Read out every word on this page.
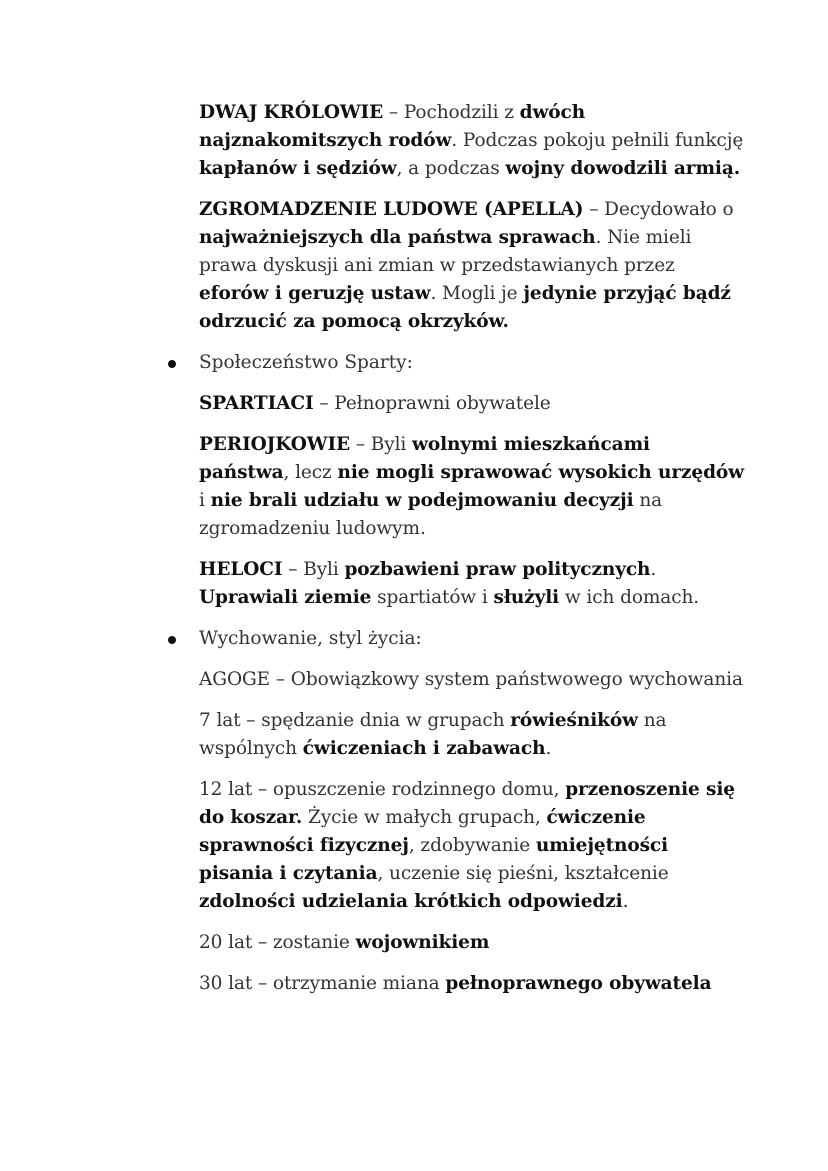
DWAJ KRÓLOWIE – Pochodzili z dwóch najznakomitszych rodów. Podczas pokoju pełnili funkcję kapłanów i sędziów, a podczas wojny dowodzili armią.

ZGROMADZENIE LUDOWE (APELLA) – Decydowało o najważniejszych dla państwa sprawach. Nie mieli prawa dyskusji ani zmian w przedstawianych przez eforów i geruzję ustaw. Mogli je jedynie przyjąć bądź odrzucić za pomocą okrzyków.

Społeczeństwo Sparty:

SPARTIACI – Pełnoprawni obywatele

PERIOJKOWIE – Byli wolnymi mieszkańcami państwa, lecz nie mogli sprawować wysokich urzędów i nie brali udziału w podejmowaniu decyzji na zgromadzeniu ludowym.

HELOCI – Byli pozbawieni praw politycznych. Uprawiali ziemie spartiatów i służyli w ich domach.

Wychowanie, styl życia:

AGOGE – Obowiązkowy system państwowego wychowania

7 lat – spędzanie dnia w grupach rówieśników na wspólnych ćwiczeniach i zabawach.

12 lat – opuszczenie rodzinnego domu, przenoszenie się do koszar. Życie w małych grupach, ćwiczenie sprawności fizycznej, zdobywanie umiejętności pisania i czytania, uczenie się pieśni, kształcenie zdolności udzielania krótkich odpowiedzi.

20 lat – zostanie wojownikiem

30 lat – otrzymanie miana pełnoprawnego obywatela
